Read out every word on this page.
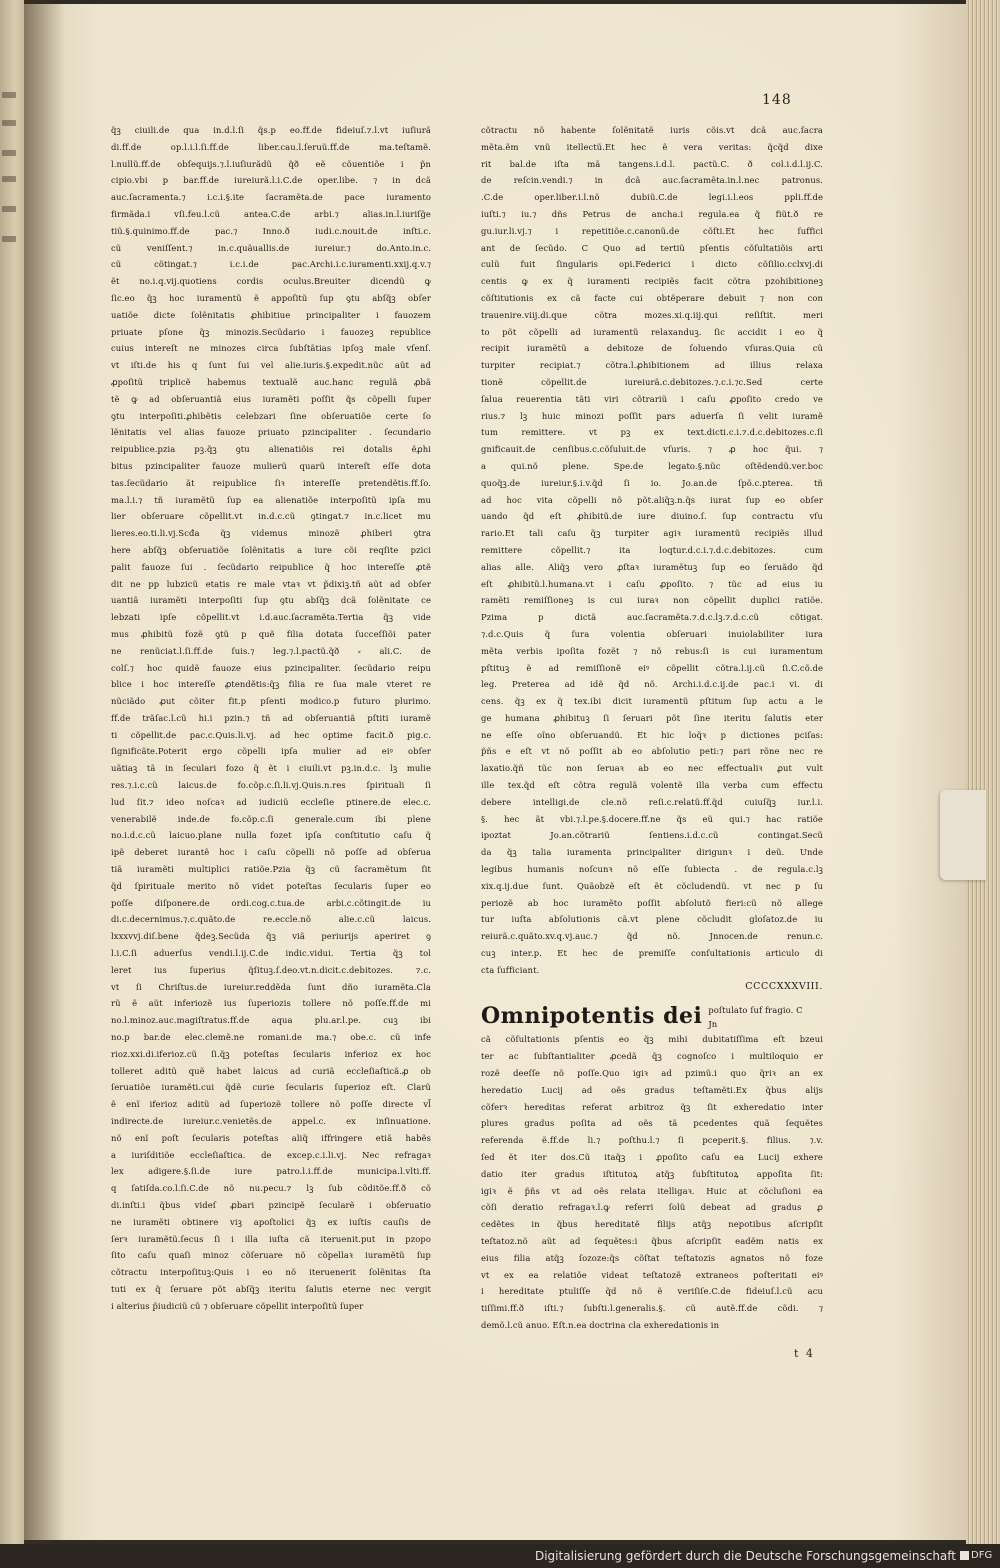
148
q̃ꝫ ciuili.de qua in.d.l.ſi q̃s.p eo.ff.de fideiuſ.⁊.l.vt iuſiurã
di.ff.de op.l.i.l.ſi.ff.de liber.cau.l.ſeruũ.ff.de ma.teſtamẽ.
l.nullũ.ff.de obſequijs.⁊.l.iuſiurãdũ q̃ð eẽ cõuentiõe i p̃n
cipio.vbi p bar.ff.de iureiurã.l.i.C.de oper.libe. ⁊ in dcã
auc.ſacramenta.⁊ i.c.i.§.ite ſacramẽta.de pace iuramento
firmãda.i vſi.feu.l.cũ antea.C.de arbi.⁊ alias.in.l.iuriſg̃e
tiũ.§.quinimo.ff.de pac.⁊ Inno.ð iudi.c.nouit.de inſti.c.
cũ veniſſent.⁊ in.c.quãuallis.de iureiur.⁊ do.Anto.in.c.
cũ cõtingat.⁊ i.c.i.de pac.Archi.i.c.iuramenti.xxij.q.v.⁊
ẽt no.i.q.vij.quotiens cordis oculus.Breuiter dicendũ ꝙ
ſic.eo q̃ꝫ hoc iuramentũ ẽ appoſitũ ſup ꝯtu abſq̃ꝫ obſer
uatiõe dicte ſolẽnitatis ꝓhibitiue principaliter i fauozem
priuate pſone q̃ꝫ minozis.Secũdario i fauozeꝫ republice
cuius intereſt ne minozes circa ſubſtãtias ipſoꝫ male vſenſ.
vt iſti.de his q ſunt ſui vel alie.iuris.§.expedit.nũc aũt ad
ꝓpoſitũ triplicẽ habemus textualẽ auc.hanc regulã ꝓbã
tẽ ꝙ ad obſeruantiã eius iuramẽti poſſit q̃s cõpelli ſuper
ꝯtu interpoſiti.ꝓhibẽtis celebzari ſine obſeruatiõe certe ſo
lẽnitatis vel alias fauoze priuato pzincipaliter . ſecundario
reipublice.pzia pꝫ.q̃ꝫ ꝯtu alienatiõis rei dotalis ẽꝓhi
bitus pzincipaliter fauoze mulierũ quarũ intereſt eſſe dota
tas.ſecũdario ãt reipublice ſiꝛ intereſſe pretendẽtis.ff.ſo.
ma.l.i.⁊ tñ iuramẽtũ ſup ea alienatiõe interpoſitũ ipſa mu
lier obſeruare cõpellit.vt in.d.c.cũ ꝯtingat.⁊ in.c.licet mu
lieres.eo.ti.li.vj.Scđa q̃ꝫ videmus minozẽ ꝓhiberi ꝯtra
here abſq̃ꝫ obſeruatiõe ſolẽnitatis a iure cõi reqſite pzici
palit fauoze ſui . ſecũdario reipublice q̃ hoc intereſſe ꝓtẽ
dit ne pp lubzicũ etatis re male vtaꝛ vt p̃dixiꝫ.tñ aũt ad obſer
uantiã iuramẽti interpoſiti ſup ꝯtu abſq̃ꝫ dcã ſolẽnitate ce
lebzati ipſe cõpellit.vt i.d.auc.ſacramẽta.Tertia q̃ꝫ vide
mus ꝓhibitũ fozẽ ꝯtũ p quẽ filia dotata ſucceſſiõi pater
ne renũciat.l.ſi.ff.de ſuis.⁊ leg.⁊.l.pactũ.q̃ð ⸗ ali.C. de
colſ.⁊ hoc quidẽ fauoze eius pzincipaliter. ſecũdario reipu
blice i hoc intereſſe ꝓtendẽtis:q̃ꝫ filia re ſua male vteret re
nũciãdo ꝓut cõiter fit.p pſenti modico.p futuro plurimo.
ff.de trãſac.l.cũ hi.i pzin.⁊ tñ ad obſeruantiã pſtiti iuramẽ
ti cõpellit.de pac.c.Quis.li.vj. ad hec optime facit.ð pig.c.
ſignificãte.Poterit ergo cõpelli ipſa mulier ad eiꝰ obſer
uãtiaꝫ tã in ſeculari fozo q̃ ẽt i ciuili.vt pꝫ.in.d.c. lꝫ mulie
res.⁊.i.c.cũ laicus.de fo.cõp.c.ſi.li.vj.Quis.n.res ſpirituali ſi
lud ſit.⁊ ideo noſcaꝛ ad iudiciũ eccleſie ptinere.de elec.c.
venerabilẽ inde.de fo.cõp.c.ſi generale.cum ibi plene
no.i.d.c.cũ laicuo.plane nulla fozet ipſa conſtitutio caſu q̃
ipẽ deberet iurantẽ hoc i caſu cõpelli nõ poſſe ad obſerua
tiã iuramẽti multiplici ratiõe.Pzia q̃ꝫ cũ ſacramẽtum ſit
q̃d ſpirituale merito nõ videt poteſtas ſecularis ſuper eo
poſſe diſponere.de ordi.cog.c.tua.de arbi.c.cõtingit.de iu
di.c.decernimus.⁊.c.quãto.de re.eccle.nõ alie.c.cũ laicus.
lxxxvvj.diſ.bene q̃deꝫ.Secũda q̃ꝫ viã periurijs aperiret ꝯ
l.i.C.ſi aduerſus vendi.l.ij.C.de indic.vidui. Tertia q̃ꝫ tol
leret ius ſuperius q̃ſituꝫ.ſ.deo.vt.n.dicit.c.debitozes. ⁊.c.
vt ſi Chriſtus.de iureiur.reddẽda ſunt dño iuramẽta.Cla
rũ ẽ aũt inferiozẽ ius ſuperiozis tollere nõ poſſe.ff.de mi
no.l.minoz.auc.magiſtratus.ff.de aqua plu.ar.l.pe. cuꝫ ibi
no.p bar.de elec.clemẽ.ne romani.de ma.⁊ obe.c. cũ infe
rioz.xxi.di.iferioz.cũ ſi.q̃ꝫ poteſtas ſecularis inferioz ex hoc
tolleret aditũ quẽ habet laicus ad curiã eccleſiaſticã.ꝓ ob
ſeruatiõe iuramẽti.cui q̃dẽ curie ſecularis ſuperioz eſt. Clarũ
ẽ enĩ iferioz aditũ ad ſuperiozẽ tollere nõ poſſe directe vl̃
indirecte.de iureiur.c.venietẽs.de appel.c. ex inſinuatione.
nõ enĩ poſt ſecularis poteſtas aliq̃ iffringere etiã habẽs
a iuriſditiõe eccleſiaſtica. de excep.c.i.li.vj. Nec refragaꝛ
lex adigere.§.ſi.de iure patro.l.i.ff.de municipa.l.vlti.ff.
q ſatiſda.co.l.ſi.C.de nõ nu.pecu.⁊ lꝫ ſub cõditõe.ff.ð cõ
di.inſti.i q̃bus videſ ꝓbari pzincipẽ ſecularẽ i obſeruatio
ne iuramẽti obtinere viꝫ apoſtolici q̃ꝫ ex iuſtis cauſis de
ſerꝛ iuramẽtũ.ſecus ſi i illa iuſta cã iteruenit.put in pzopo
ſito caſu quaſi minoz cõſeruare nõ cõpellaꝛ iuramẽtũ ſup
cõtractu interpoſituꝫ:Quis i eo nõ iteruenerit ſolẽnitas ſta
tuti ex q̃ ſeruare põt abſq̃ꝫ iteritu ſalutis eterne nec vergit
i alterius p̃iudiciũ cũ ⁊ obſeruare cõpellit interpoſitũ ſuper
cõtractu nõ habente ſolẽnitatẽ iuris cõis.vt dcã auc.ſacra
mẽta.ẽm vnũ itellectũ.Et hec ẽ vera veritas: q̃cq̃d dixe
rit bal.de iſta mã tangens.i.d.l. pactũ.C. ð col.i.d.l.ij.C.
de reſcin.vendi.⁊ in dcã auc.ſacramẽta.in.l.nec patronus.
.C.de oper.liber.i.l.nõ dubiũ.C.de legi.i.l.eos ppli.ff.de
iuſti.⁊ iu.⁊ dñs Petrus de ancha.i regula.ea q̃ fiũt.ð re
gu.iur.li.vj.⁊ i repetitiõe.c.canonũ.de cõſti.Et hec ſuffici
ant de ſecũdo. C Quo ad tertiũ pſentis cõſultatiõis arti
culũ fuit ſingularis opi.Federici i dicto cõſilio.cclxvj.di
centis ꝙ ex q̃ iuramenti recipiẽs facit cõtra pzohibitioneꝫ
cõſtitutionis ex cã facte cui obtẽperare debuit ⁊ non con
trauenire.viij.di.que cõtra mozes.xi.q.iij.qui reſiſtit. meri
to põt cõpelli ad iuramentũ relaxanduꝫ. ſic accidit i eo q̃
recipit iuramẽtũ a debitoze de ſoluendo vſuras.Quia cũ
turpiter recipiat.⁊ cõtra.l.ꝓhibitionem ad illius relaxa
tionẽ cõpellit.de iureiurã.c.debitozes.⁊.c.i.⁊c.Sed certe
ſalua reuerentia tãti viri cõtrariũ i caſu ꝓpoſito credo ve
rius.⁊ lꝫ huic minozi poſſit pars aduerſa ſi velit iuramẽ
tum remittere. vt pꝫ ex text.dicti.c.i.⁊.d.c.debitozes.c.ſi
gnificauit.de cenſibus.c.cõſuluit.de vſuris. ⁊ ꝓ hoc q̃ui. ⁊
a qui.nõ plene. Spe.de legato.§.nũc oſtẽdendũ.ver.boc
quoq̃ꝫ.de iureiur.§.i.v.q̃d ſi io. Jo.an.de ſpõ.c.pterea. tñ
ad hoc vita cõpelli nõ põt.aliq̃ꝫ.n.q̃s iurat ſup eo obſer
uando q̃d eſt ꝓhibitũ.de iure diuino.ſ. ſup contractu vſu
rario.Et tali caſu q̃ꝫ turpiter agiꝛ iuramentũ recipiẽs illud
remittere cõpellit.⁊ ita loqtur.d.c.i.⁊.d.c.debitozes. cum
alias alle. Aliq̃ꝫ vero ꝓſtaꝛ iuramẽtuꝫ ſup eo ſeruãdo q̃d
eſt ꝓhibitũ.l.humana.vt i caſu ꝓpoſito. ⁊ tũc ad eius iu
ramẽti remiſſioneꝫ is cui iuraꝛ non cõpellit duplici ratiõe.
Pzima p dictã auc.ſacramẽta.⁊.d.c.lꝫ.⁊.d.c.cũ cõtigat.
⁊.d.c.Quis q̃ ſura volentia obſeruari inuiolabiliter iura
mẽta verbis ipoſita fozẽt ⁊ nõ rebus:ſi is cui iuramentum
pſtituꝫ ẽ ad remiſſionẽ eiꝰ cõpellit cõtra.l.ij.cũ ſi.C.cõ.de
leg. Preterea ad idẽ q̃d nõ. Archi.i.d.c.ij.de pac.i vi. di
cens. q̃ꝫ ex q̃ tex.ibi dicit iuramentũ pſtitum ſup actu a le
ge humana ꝓhibituꝫ ſi ſeruari põt ſine iteritu ſalutis eter
ne eſſe oĩno obſeruandũ. Et hic loq̃ꝛ p dictiones pciſas:
p̃ñs e eſt vt nõ poſſit ab eo abſolutio peti:⁊ pari rõne nec re
laxatio.q̃ñ tũc non ſeruaꝛ ab eo nec effectualiꝛ ꝓut vult
ille tex.q̃d eſt cõtra regulã volentẽ illa verba cum effectu
debere intelligi.de cle.nõ reſi.c.relatũ.ff.q̃d cuiuſq̃ꝫ iur.l.i.
§. hec ãt vbi.⁊.l.pe.§.docere.ff.ne q̃s eũ qui.⁊ hac ratiõe
ipoztat Jo.an.cõtrariũ ſentiens.i.d.c.cũ contingat.Secũ
da q̃ꝫ talia iuramenta principaliter dirigunꝛ i deũ. Unde
legibus humanis noſcunꝛ nõ eſſe ſubiecta . de regula.c.lꝫ
xix.q.ij.due ſunt. Quãobzẽ eſt ẽt cõcludendũ. vt nec p ſu
periozẽ ab hoc iuramẽto poſſit abſolutõ fieri:cũ nõ allege
tur iuſta abſolutionis cã.vt plene cõcludit gloſatoz.de iu
reiurã.c.quãto.xv.q.vj.auc.⁊ q̃d nõ. Jnnocen.de renun.c.
cuꝫ inter.p. Et hec de premiſſe conſultationis articulo di
cta ſufficiant.
CCCCXXXVIII.
Omnipotentis dei poſtulato ſuf fragio. C Jn
cã cõſultationis pſentis eo q̃ꝫ mihi dubitatiſſima eſt bzeui
ter ac ſubſtantialiter ꝓcedã q̃ꝫ cognoſco i multiloquio er
rozẽ deeſſe nõ poſſe.Quo igiꝛ ad pzimũ.i quo q̃riꝛ an ex
heredatio Lucij ad oẽs gradus teſtamẽti.Ex q̃bus alijs
cõferꝛ hereditas referat arbitroz q̃ꝫ ſit exheredatio inter
plures gradus poſita ad oẽs tã pcedentes quã ſequẽtes
referenda ẽ.ff.de li.⁊ poſthu.l.⁊ ſi pceperit.§. filius. ⁊.v.
ſed ẽt iter dos.Cũ itaq̃ꝫ i ꝓpoſito caſu ea Lucij exhere
datio iter gradus iſtitutoꝝ atq̃ꝫ ſubſtitutoꝝ appoſita ſit:
igiꝛ ẽ p̃ñs vt ad oẽs relata itelligaꝛ. Huic at cõcluſioni ea
cõſi deratio refragaꝛ.l.ꝙ referri ſolũ debeat ad gradus ꝓ
cedẽtes in q̃bus hereditatẽ filijs atq̃ꝫ nepotibus aſcripſit
teſtatoz.nõ aũt ad ſequẽtes:i q̃bus aſcripſit eadẽm natis ex
eius filia atq̃ꝫ ſozoze:q̃s cõſtat teſtatozis agnatos nõ foze
vt ex ea relatiõe videat teſtatozẽ extraneos poſteritati eiꝰ
i hereditate ptuliſſe q̃d nõ ẽ veriſiſe.C.de fideiuſ.l.cũ acu
tiſſimi.ff.ð iſti.⁊ ſubſti.l.generalis.§. cũ autẽ.ff.de cõdi. ⁊
demõ.l.cũ anuo. Eſt.n.ea doctrina cla exheredationis in
t 4
Digitalisierung gefördert durch die Deutsche Forschungsgemeinschaft DFG
